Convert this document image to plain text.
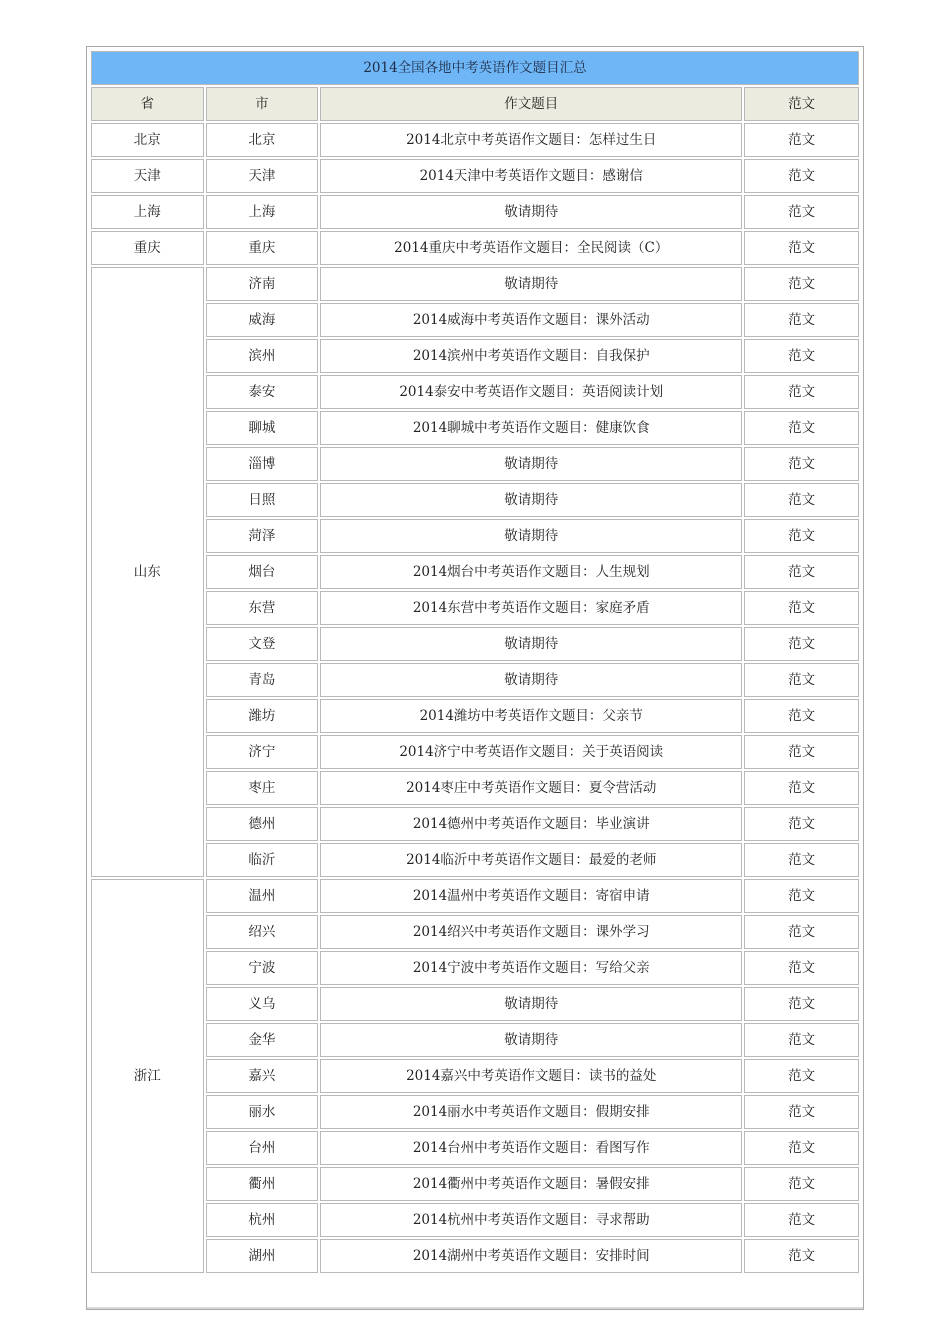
2014全国各地中考英语作文题目汇总			
省	市	作文题目	范文
北京	北京	2014北京中考英语作文题目：怎样过生日	范文
天津	天津	2014天津中考英语作文题目：感谢信	范文
上海	上海	敬请期待	范文
重庆	重庆	2014重庆中考英语作文题目：全民阅读（C）	范文
山东	济南	敬请期待	范文
	威海	2014威海中考英语作文题目：课外活动	范文
	滨州	2014滨州中考英语作文题目：自我保护	范文
	泰安	2014泰安中考英语作文题目：英语阅读计划	范文
	聊城	2014聊城中考英语作文题目：健康饮食	范文
	淄博	敬请期待	范文
	日照	敬请期待	范文
	菏泽	敬请期待	范文
	烟台	2014烟台中考英语作文题目：人生规划	范文
	东营	2014东营中考英语作文题目：家庭矛盾	范文
	文登	敬请期待	范文
	青岛	敬请期待	范文
	潍坊	2014潍坊中考英语作文题目：父亲节	范文
	济宁	2014济宁中考英语作文题目：关于英语阅读	范文
	枣庄	2014枣庄中考英语作文题目：夏令营活动	范文
	德州	2014德州中考英语作文题目：毕业演讲	范文
	临沂	2014临沂中考英语作文题目：最爱的老师	范文
浙江	温州	2014温州中考英语作文题目：寄宿申请	范文
	绍兴	2014绍兴中考英语作文题目：课外学习	范文
	宁波	2014宁波中考英语作文题目：写给父亲	范文
	义乌	敬请期待	范文
	金华	敬请期待	范文
	嘉兴	2014嘉兴中考英语作文题目：读书的益处	范文
	丽水	2014丽水中考英语作文题目：假期安排	范文
	台州	2014台州中考英语作文题目：看图写作	范文
	衢州	2014衢州中考英语作文题目：暑假安排	范文
	杭州	2014杭州中考英语作文题目：寻求帮助	范文
	湖州	2014湖州中考英语作文题目：安排时间	范文
